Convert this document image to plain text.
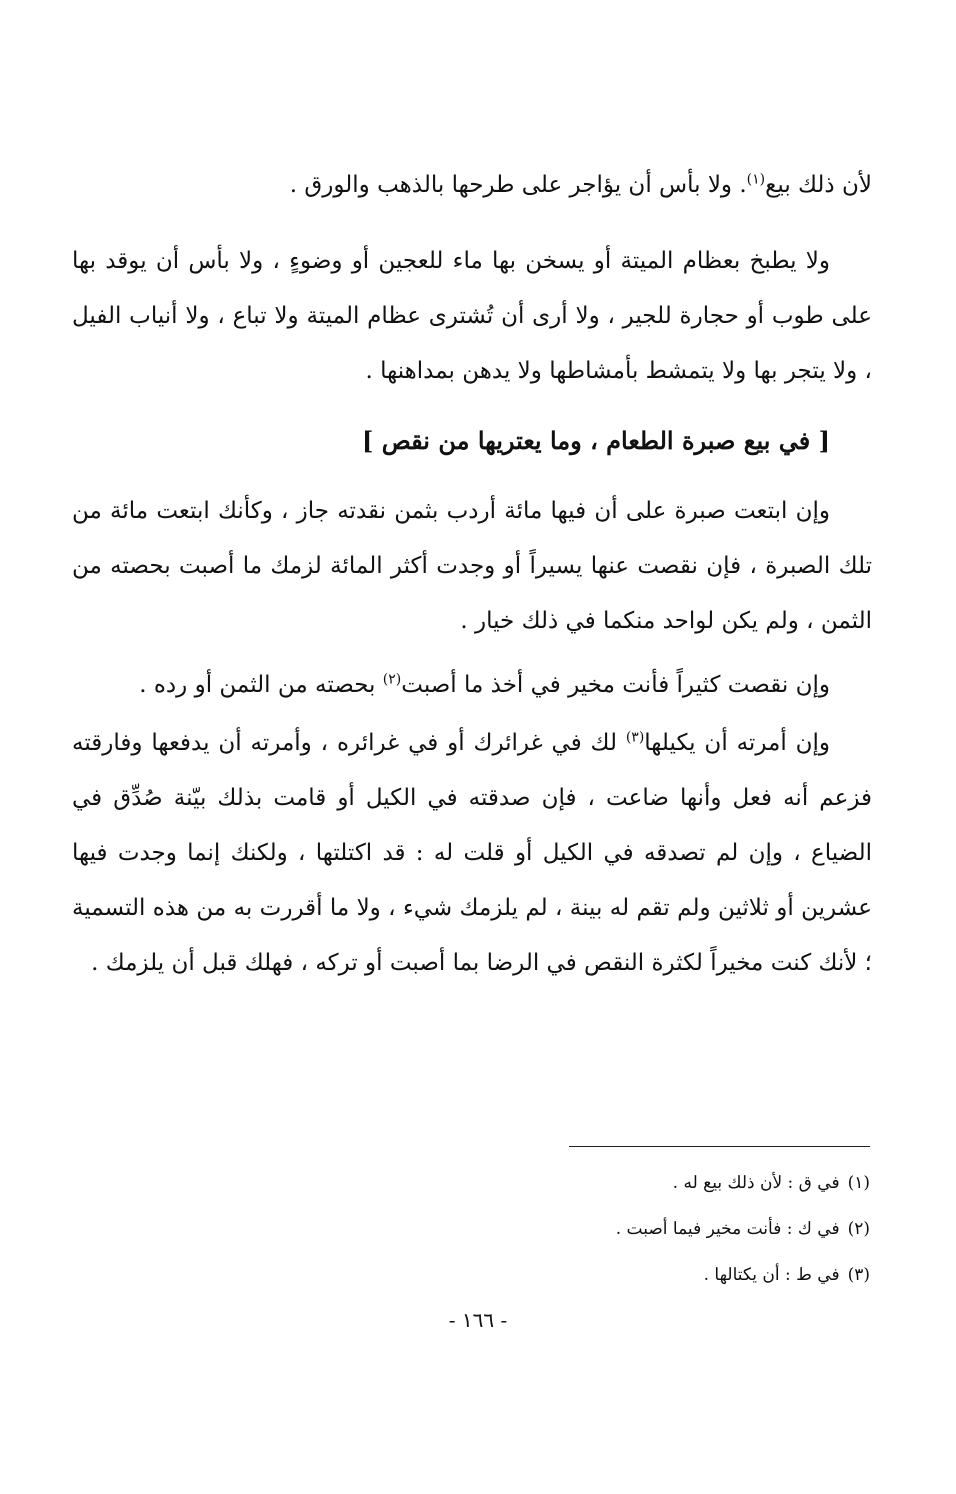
لأن ذلك بيع$^{(١)}$. ولا بأس أن يؤاجر على طرحها بالذهب والورق .

ولا يطبخ بعظام الميتة أو يسخن بها ماء للعجين أو وضوءٍ ، ولا بأس أن يوقد بها على طوب أو حجارة للجير ، ولا أرى أن تُشترى عظام الميتة ولا تباع ، ولا أنياب الفيل ، ولا يتجر بها ولا يتمشط بأمشاطها ولا يدهن بمداهنها .

[ في بيع صبرة الطعام ، وما يعتريها من نقص ]

وإن ابتعت صبرة على أن فيها مائة أردب بثمن نقدته جاز ، وكأنك ابتعت مائة من تلك الصبرة ، فإن نقصت عنها يسيراً أو وجدت أكثر المائة لزمك ما أصبت بحصته من الثمن ، ولم يكن لواحد منكما في ذلك خيار .

وإن نقصت كثيراً فأنت مخير في أخذ ما أصبت$^{(٢)}$ بحصته من الثمن أو رده .

وإن أمرته أن يكيلها$^{(٣)}$ لك في غرائرك أو في غرائره ، وأمرته أن يدفعها وفارقته فزعم أنه فعل وأنها ضاعت ، فإن صدقته في الكيل أو قامت بذلك بيّنة صُدِّق في الضياع ، وإن لم تصدقه في الكيل أو قلت له : قد اكتلتها ، ولكنك إنما وجدت فيها عشرين أو ثلاثين ولم تقم له بينة ، لم يلزمك شيء ، ولا ما أقررت به من هذه التسمية ؛ لأنك كنت مخيراً لكثرة النقص في الرضا بما أصبت أو تركه ، فهلك قبل أن يلزمك .

(١)في ق : لأن ذلك بيع له .

(٢)في ك : فأنت مخير فيما أصبت .

(٣)في ط : أن يكتالها .

- ١٦٦ -
